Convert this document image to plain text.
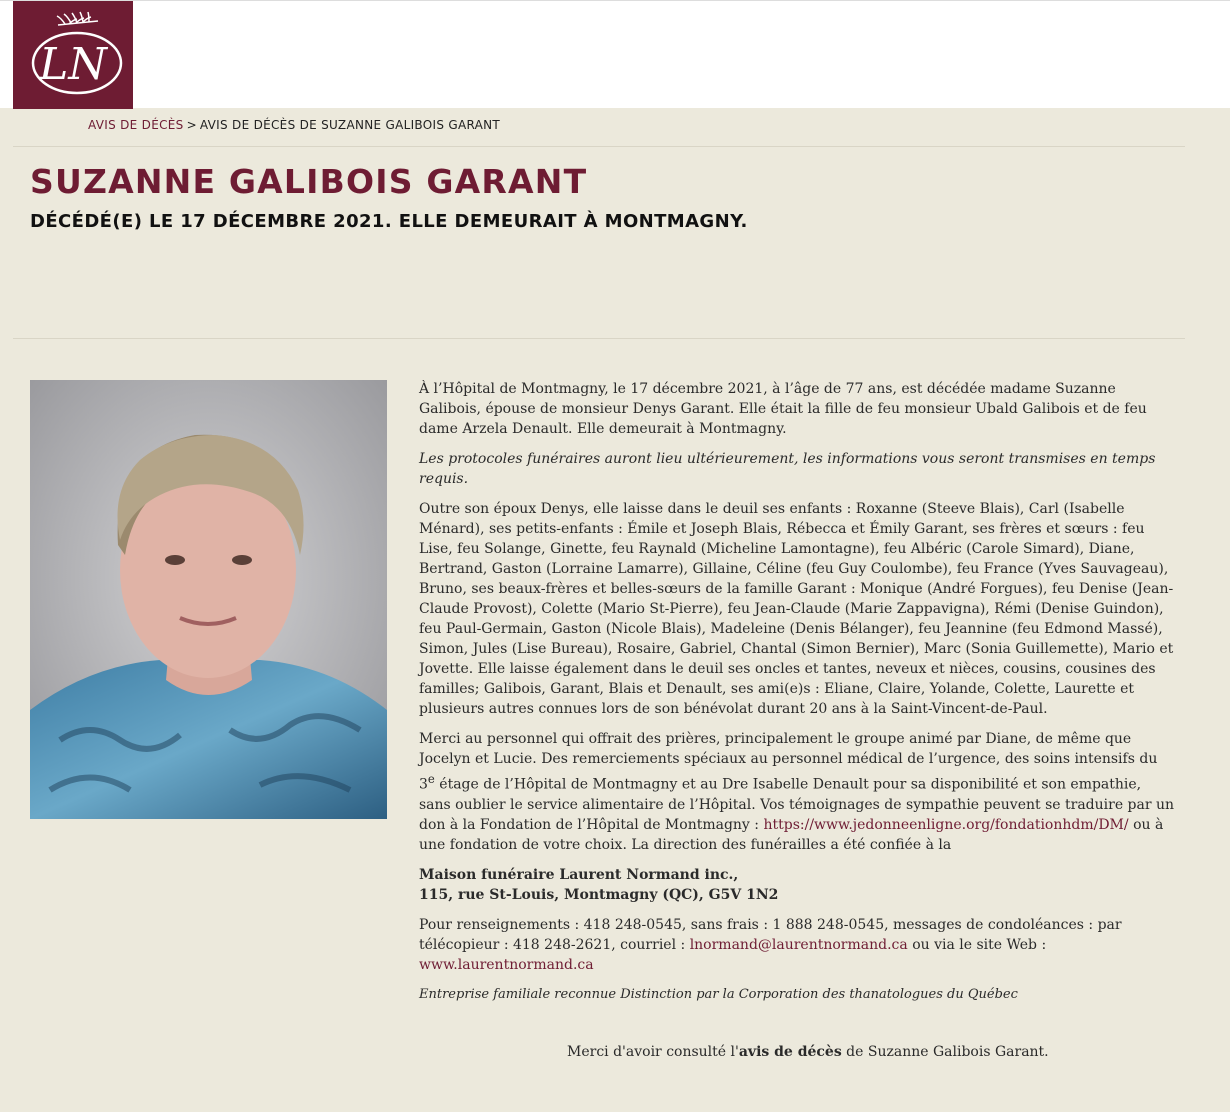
LN
AVIS DE DÉCÈS > AVIS DE DÉCÈS DE SUZANNE GALIBOIS GARANT
SUZANNE GALIBOIS GARANT
DÉCÉDÉ(E) LE 17 DÉCEMBRE 2021. ELLE DEMEURAIT À MONTMAGNY.

À l’Hôpital de Montmagny, le 17 décembre 2021, à l’âge de 77 ans, est décédée madame Suzanne Galibois, épouse de monsieur Denys Garant. Elle était la fille de feu monsieur Ubald Galibois et de feu dame Arzela Denault. Elle demeurait à Montmagny.

Les protocoles funéraires auront lieu ultérieurement, les informations vous seront transmises en temps requis.

Outre son époux Denys, elle laisse dans le deuil ses enfants : Roxanne (Steeve Blais), Carl (Isabelle Ménard), ses petits-enfants : Émile et Joseph Blais, Rébecca et Émily Garant, ses frères et sœurs : feu Lise, feu Solange, Ginette, feu Raynald (Micheline Lamontagne), feu Albéric (Carole Simard), Diane, Bertrand, Gaston (Lorraine Lamarre), Gillaine, Céline (feu Guy Coulombe), feu France (Yves Sauvageau), Bruno, ses beaux-frères et belles-sœurs de la famille Garant : Monique (André Forgues), feu Denise (Jean-Claude Provost), Colette (Mario St-Pierre), feu Jean-Claude (Marie Zappavigna), Rémi (Denise Guindon), feu Paul-Germain, Gaston (Nicole Blais), Madeleine (Denis Bélanger), feu Jeannine (feu Edmond Massé), Simon, Jules (Lise Bureau), Rosaire, Gabriel, Chantal (Simon Bernier), Marc (Sonia Guillemette), Mario et Jovette. Elle laisse également dans le deuil ses oncles et tantes, neveux et nièces, cousins, cousines des familles; Galibois, Garant, Blais et Denault, ses ami(e)s : Eliane, Claire, Yolande, Colette, Laurette et plusieurs autres connues lors de son bénévolat durant 20 ans à la Saint-Vincent-de-Paul.

Merci au personnel qui offrait des prières, principalement le groupe animé par Diane, de même que Jocelyn et Lucie. Des remerciements spéciaux au personnel médical de l’urgence, des soins intensifs du 3e étage de l’Hôpital de Montmagny et au Dre Isabelle Denault pour sa disponibilité et son empathie, sans oublier le service alimentaire de l’Hôpital. Vos témoignages de sympathie peuvent se traduire par un don à la Fondation de l’Hôpital de Montmagny : https://www.jedonneenligne.org/fondationhdm/DM/ ou à une fondation de votre choix. La direction des funérailles a été confiée à la

Maison funéraire Laurent Normand inc.,
115, rue St-Louis, Montmagny (QC), G5V 1N2

Pour renseignements : 418 248-0545, sans frais : 1 888 248-0545, messages de condoléances : par télécopieur : 418 248-2621, courriel : lnormand@laurentnormand.ca ou via le site Web : www.laurentnormand.ca

Entreprise familiale reconnue Distinction par la Corporation des thanatologues du Québec

Merci d'avoir consulté l'avis de décès de Suzanne Galibois Garant.
